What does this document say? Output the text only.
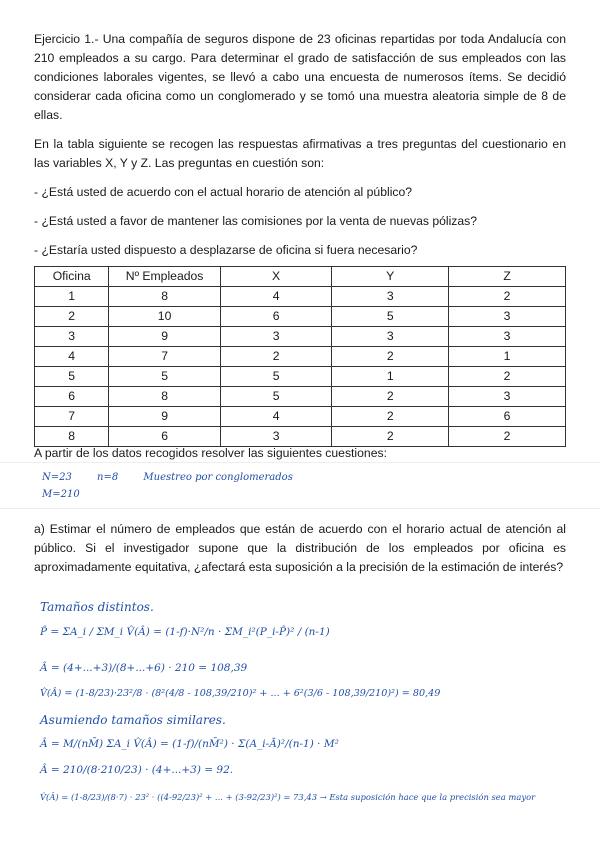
Ejercicio 1.- Una compañía de seguros dispone de 23 oficinas repartidas por toda Andalucía con 210 empleados a su cargo. Para determinar el grado de satisfacción de sus empleados con las condiciones laborales vigentes, se llevó a cabo una encuesta de numerosos ítems. Se decidió considerar cada oficina como un conglomerado y se tomó una muestra aleatoria simple de 8 de ellas.

En la tabla siguiente se recogen las respuestas afirmativas a tres preguntas del cuestionario en las variables X, Y y Z. Las preguntas en cuestión son:

- ¿Está usted de acuerdo con el actual horario de atención al público?

- ¿Está usted a favor de mantener las comisiones por la venta de nuevas pólizas?

- ¿Estaría usted dispuesto a desplazarse de oficina si fuera necesario?

Oficina	Nº Empleados	X	Y	Z
1	8	4	3	2
2	10	6	5	3
3	9	3	3	3
4	7	2	2	1
5	5	5	1	2
6	8	5	2	3
7	9	4	2	6
8	6	3	2	2
A partir de los datos recogidos resolver las siguientes cuestiones:
N=23	n=8	Muestreo por conglomerados
M=210
a) Estimar el número de empleados que están de acuerdo con el horario actual de atención al público. Si el investigador supone que la distribución de los empleados por oficina es aproximadamente equitativa, ¿afectará esta suposición a la precisión de la estimación de interés?
Tamaños distintos.
P̂ = ΣA_i / ΣM_i V̂(Â) = (1-f)·N²/n · ΣM_i²(P_i-P̂)² / (n-1)
Â = (4+...+3)/(8+...+6) · 210 = 108,39
V̂(Â) = (1-8/23)·23²/8 · (8²(4/8 - 108,39/210)² + ... + 6²(3/6 - 108,39/210)²) = 80,49
Asumiendo tamaños similares.
Â = M/(nM̄) ΣA_i V̂(Â) = (1-f)/(nM̄²) · Σ(A_i-Ā)²/(n-1) · M²
Â = 210/(8·210/23) · (4+...+3) = 92.
V̂(Â) = (1-8/23)/(8·7) · 23² · ((4-92/23)² + ... + (3-92/23)²) = 73,43 → Esta suposición hace que la precisión sea mayor
